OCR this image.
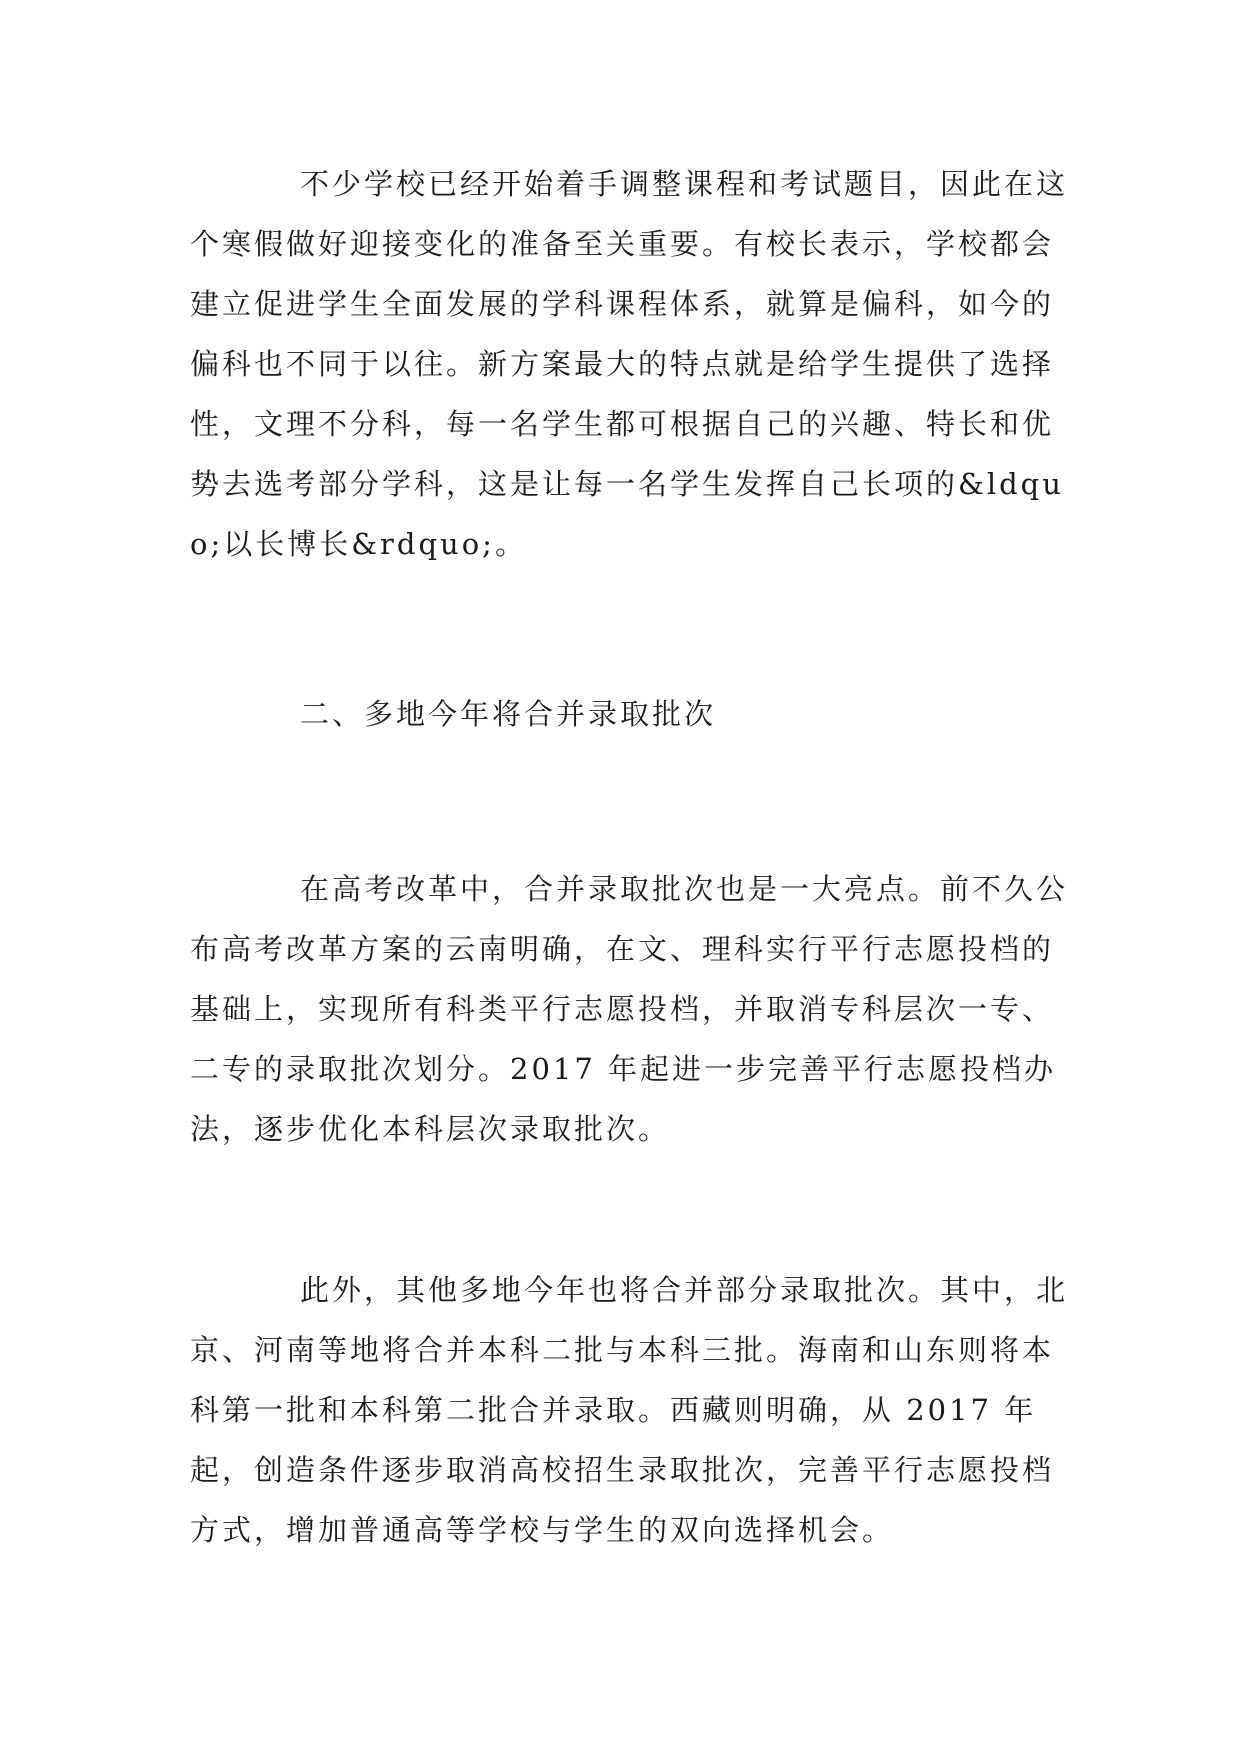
不少学校已经开始着手调整课程和考试题目，因此在这个寒假做好迎接变化的准备至关重要。有校长表示，学校都会建立促进学生全面发展的学科课程体系，就算是偏科，如今的偏科也不同于以往。新方案最大的特点就是给学生提供了选择性，文理不分科，每一名学生都可根据自己的兴趣、特长和优势去选考部分学科，这是让每一名学生发挥自己长项的&ldquo;以长博长&rdquo;。

二、多地今年将合并录取批次

在高考改革中，合并录取批次也是一大亮点。前不久公布高考改革方案的云南明确，在文、理科实行平行志愿投档的基础上，实现所有科类平行志愿投档，并取消专科层次一专、二专的录取批次划分。2017 年起进一步完善平行志愿投档办法，逐步优化本科层次录取批次。

此外，其他多地今年也将合并部分录取批次。其中，北京、河南等地将合并本科二批与本科三批。海南和山东则将本科第一批和本科第二批合并录取。西藏则明确，从 2017 年起，创造条件逐步取消高校招生录取批次，完善平行志愿投档方式，增加普通高等学校与学生的双向选择机会。
